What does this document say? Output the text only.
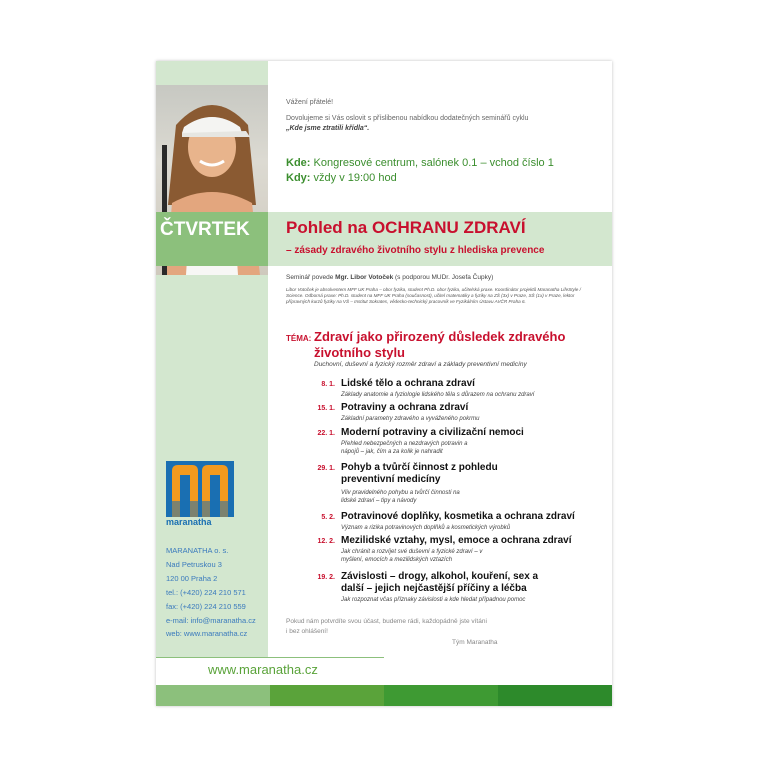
ČTVRTEK
Vážení přátelé!
Dovolujeme si Vás oslovit s příslibenou nabídkou dodatečných seminářů cyklu
„Kde jsme ztratili křídla“.
Kde: Kongresové centrum, salónek 0.1 – vchod číslo 1
Kdy: vždy v 19:00 hod
Pohled na OCHRANU ZDRAVÍ
– zásady zdravého životního stylu z hlediska prevence
Seminář povede Mgr. Libor Votoček (s podporou MUDr. Josefa Čupky)
Libor Votoček je absolventem MFF UK Praha – obor fyzika, student Ph.D. obor fyzika, učitelská praxe. Koordinátor projektů Maranatha LifeStyle / Science. Odborná praxe: Ph.D. student na MFF UK Praha (současnost), učitel matematiky a fyziky na ZŠ (3x) v Praze, SŠ (1x) v Praze, lektor přípravných kurzů fyziky na VŠ – Institut Sokrates, vědecko-technický pracovník ve Fyzikálním Ústavu AVČR Praha 6.
TÉMA: Zdraví jako přirozený důsledek zdravého životního stylu
Duchovní, duševní a fyzický rozměr zdraví a základy preventivní medicíny
8. 1. Lidské tělo a ochrana zdraví
Základy anatomie a fyziologie lidského těla s důrazem na ochranu zdraví
15. 1. Potraviny a ochrana zdraví
Základní parametry zdravého a vyváženého pokrmu
22. 1. Moderní potraviny a civilizační nemoci
Přehled nebezpečných a nezdravých potravin a nápojů – jak, čím a za kolik je nahradit
29. 1. Pohyb a tvůrčí činnost z pohledu preventivní medicíny
Vliv pravidelného pohybu a tvůrčí činnosti na lidské zdraví – tipy a návody
5. 2. Potravinové doplňky, kosmetika a ochrana zdraví
Význam a rizika potravinových doplňků a kosmetických výrobků
12. 2. Mezilidské vztahy, mysl, emoce a ochrana zdraví
Jak chránit a rozvíjet své duševní a fyzické zdraví – v myšlení, emocích a mezilidských vztazích
19. 2. Závislosti – drogy, alkohol, kouření, sex a další – jejich nejčastější příčiny a léčba
Jak rozpoznat včas příznaky závislosti a kde hledat případnou pomoc
maranatha
MARANATHA o. s.
Nad Petruskou 3
120 00 Praha 2
tel.: (+420) 224 210 571
fax: (+420) 224 210 559
e-mail: info@maranatha.cz
web: www.maranatha.cz
Pokud nám potvrdíte svou účast, budeme rádi, každopádně jste vítáni
i bez ohlášení!
Tým Maranatha
www.maranatha.cz
